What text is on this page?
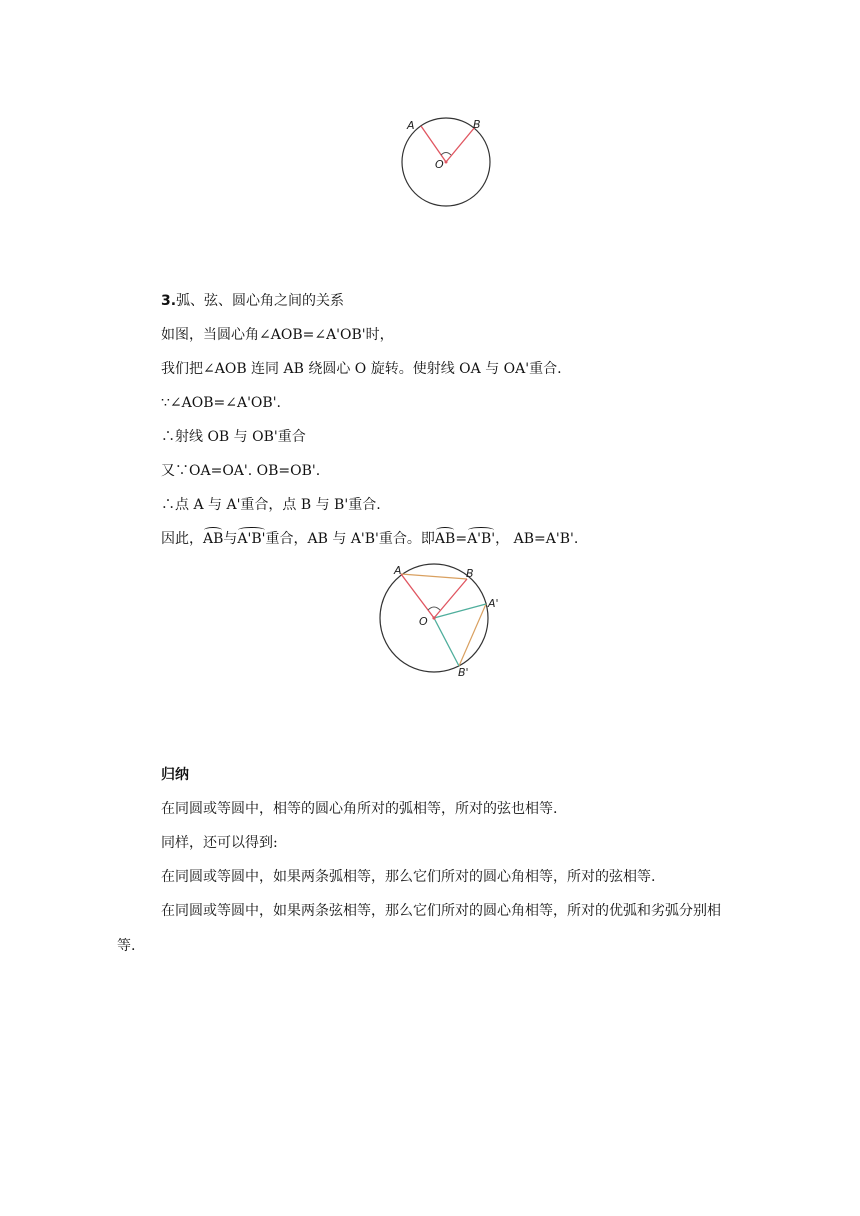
A	B
O
3.弧、弦、圆心角之间的关系
如图，当圆心角∠AOB=∠A'OB'时，
我们把∠AOB 连同 AB 绕圆心 O 旋转。使射线 OA 与 OA'重合.
∵∠AOB=∠A'OB'.
∴射线 OB 与 OB'重合
又∵OA=OA'. OB=OB'.
∴点 A 与 A'重合，点 B 与 B'重合.
因此，AB与A'B'重合，AB 与 A'B'重合。即AB=A'B'， AB=A'B'.
A	B
O
A'
B'
归纳
在同圆或等圆中，相等的圆心角所对的弧相等，所对的弦也相等.
同样，还可以得到:
在同圆或等圆中，如果两条弧相等，那么它们所对的圆心角相等，所对的弦相等.
在同圆或等圆中，如果两条弦相等，那么它们所对的圆心角相等，所对的优弧和劣弧分别相等.
